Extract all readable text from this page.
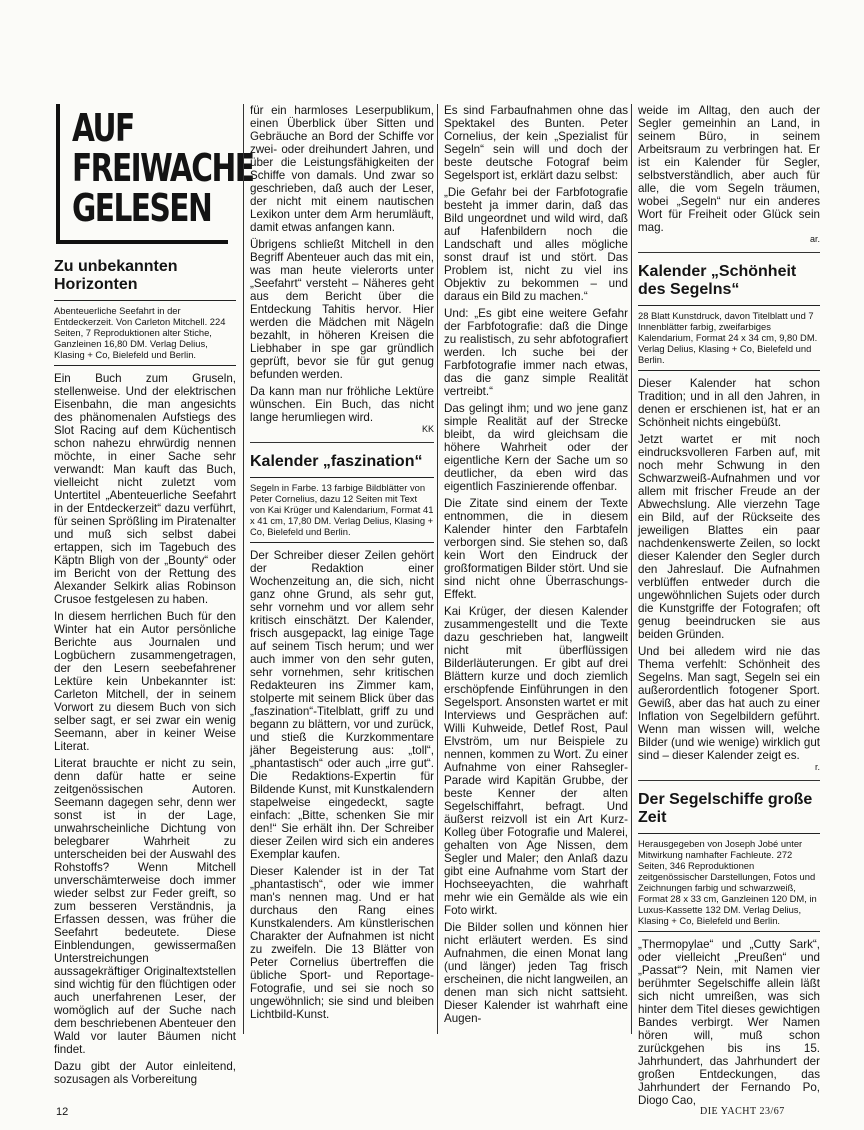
AUF
FREIWACHE
GELESEN
Zu unbekannten Horizonten
Abenteuerliche Seefahrt in der Entdeckerzeit. Von Carleton Mitchell. 224 Seiten, 7 Reproduktionen alter Stiche, Ganzleinen 16,80 DM. Verlag Delius, Klasing + Co, Bielefeld und Berlin.

Ein Buch zum Gruseln, stellenweise. Und der elektrischen Eisenbahn, die man angesichts des phänomenalen Aufstiegs des Slot Racing auf dem Küchentisch schon nahezu ehrwürdig nennen möchte, in einer Sache sehr verwandt: Man kauft das Buch, vielleicht nicht zuletzt vom Untertitel „Abenteuerliche Seefahrt in der Entdeckerzeit“ dazu verführt, für seinen Sprößling im Piratenalter und muß sich selbst dabei ertappen, sich im Tagebuch des Käptn Bligh von der „Bounty“ oder im Bericht von der Rettung des Alexander Selkirk alias Robinson Crusoe festgelesen zu haben.

In diesem herrlichen Buch für den Winter hat ein Autor persönliche Berichte aus Journalen und Logbüchern zusammengetragen, der den Lesern seebefahrener Lektüre kein Unbekannter ist: Carleton Mitchell, der in seinem Vorwort zu diesem Buch von sich selber sagt, er sei zwar ein wenig Seemann, aber in keiner Weise Literat.

Literat brauchte er nicht zu sein, denn dafür hatte er seine zeitgenössischen Autoren. Seemann dagegen sehr, denn wer sonst ist in der Lage, unwahrscheinliche Dichtung von belegbarer Wahrheit zu unterscheiden bei der Auswahl des Rohstoffs? Wenn Mitchell unverschämterweise doch immer wieder selbst zur Feder greift, so zum besseren Verständnis, ja Erfassen dessen, was früher die Seefahrt bedeutete. Diese Einblendungen, gewissermaßen Unterstreichungen aussagekräftiger Originaltextstellen sind wichtig für den flüchtigen oder auch unerfahrenen Leser, der womöglich auf der Suche nach dem beschriebenen Abenteuer den Wald vor lauter Bäumen nicht findet.

Dazu gibt der Autor einleitend, sozusagen als Vorbereitung

für ein harmloses Leserpublikum, einen Überblick über Sitten und Gebräuche an Bord der Schiffe vor zwei- oder dreihundert Jahren, und über die Leistungsfähigkeiten der Schiffe von damals. Und zwar so geschrieben, daß auch der Leser, der nicht mit einem nautischen Lexikon unter dem Arm herumläuft, damit etwas anfangen kann.

Übrigens schließt Mitchell in den Begriff Abenteuer auch das mit ein, was man heute vielerorts unter „Seefahrt“ versteht – Näheres geht aus dem Bericht über die Entdeckung Tahitis hervor. Hier werden die Mädchen mit Nägeln bezahlt, in höheren Kreisen die Liebhaber in spe gar gründlich geprüft, bevor sie für gut genug befunden werden.

Da kann man nur fröhliche Lektüre wünschen. Ein Buch, das nicht lange herumliegen wird.

KK
Kalender „faszination“
Segeln in Farbe. 13 farbige Bildblätter von Peter Cornelius, dazu 12 Seiten mit Text von Kai Krüger und Kalendarium, Format 41 x 41 cm, 17,80 DM. Verlag Delius, Klasing + Co, Bielefeld und Berlin.

Der Schreiber dieser Zeilen gehört der Redaktion einer Wochenzeitung an, die sich, nicht ganz ohne Grund, als sehr gut, sehr vornehm und vor allem sehr kritisch einschätzt. Der Kalender, frisch ausgepackt, lag einige Tage auf seinem Tisch herum; und wer auch immer von den sehr guten, sehr vornehmen, sehr kritischen Redakteuren ins Zimmer kam, stolperte mit seinem Blick über das „faszination“-Titelblatt, griff zu und begann zu blättern, vor und zurück, und stieß die Kurzkommentare jäher Begeisterung aus: „toll“, „phantastisch“ oder auch „irre gut“. Die Redaktions-Expertin für Bildende Kunst, mit Kunstkalendern stapelweise eingedeckt, sagte einfach: „Bitte, schenken Sie mir den!“ Sie erhält ihn. Der Schreiber dieser Zeilen wird sich ein anderes Exemplar kaufen.

Dieser Kalender ist in der Tat „phantastisch“, oder wie immer man's nennen mag. Und er hat durchaus den Rang eines Kunstkalenders. Am künstlerischen Charakter der Aufnahmen ist nicht zu zweifeln. Die 13 Blätter von Peter Cornelius übertreffen die übliche Sport- und Reportage-Fotografie, und sei sie noch so ungewöhnlich; sie sind und bleiben Lichtbild-Kunst.

Es sind Farbaufnahmen ohne das Spektakel des Bunten. Peter Cornelius, der kein „Spezialist für Segeln“ sein will und doch der beste deutsche Fotograf beim Segelsport ist, erklärt dazu selbst:

„Die Gefahr bei der Farbfotografie besteht ja immer darin, daß das Bild ungeordnet und wild wird, daß auf Hafenbildern noch die Landschaft und alles mögliche sonst drauf ist und stört. Das Problem ist, nicht zu viel ins Objektiv zu bekommen – und daraus ein Bild zu machen.“

Und: „Es gibt eine weitere Gefahr der Farbfotografie: daß die Dinge zu realistisch, zu sehr abfotografiert werden. Ich suche bei der Farbfotografie immer nach etwas, das die ganz simple Realität vertreibt.“

Das gelingt ihm; und wo jene ganz simple Realität auf der Strecke bleibt, da wird gleichsam die höhere Wahrheit oder der eigentliche Kern der Sache um so deutlicher, da eben wird das eigentlich Faszinierende offenbar.

Die Zitate sind einem der Texte entnommen, die in diesem Kalender hinter den Farbtafeln verborgen sind. Sie stehen so, daß kein Wort den Eindruck der großformatigen Bilder stört. Und sie sind nicht ohne Überraschungs-Effekt.

Kai Krüger, der diesen Kalender zusammengestellt und die Texte dazu geschrieben hat, langweilt nicht mit überflüssigen Bilderläuterungen. Er gibt auf drei Blättern kurze und doch ziemlich erschöpfende Einführungen in den Segelsport. Ansonsten wartet er mit Interviews und Gesprächen auf: Willi Kuhweide, Detlef Rost, Paul Elvström, um nur Beispiele zu nennen, kommen zu Wort. Zu einer Aufnahme von einer Rahsegler-Parade wird Kapitän Grubbe, der beste Kenner der alten Segelschiffahrt, befragt. Und äußerst reizvoll ist ein Art Kurz-Kolleg über Fotografie und Malerei, gehalten von Age Nissen, dem Segler und Maler; den Anlaß dazu gibt eine Aufnahme vom Start der Hochseeyachten, die wahrhaft mehr wie ein Gemälde als wie ein Foto wirkt.

Die Bilder sollen und können hier nicht erläutert werden. Es sind Aufnahmen, die einen Monat lang (und länger) jeden Tag frisch erscheinen, die nicht langweilen, an denen man sich nicht sattsieht. Dieser Kalender ist wahrhaft eine Augen-

weide im Alltag, den auch der Segler gemeinhin an Land, in seinem Büro, in seinem Arbeitsraum zu verbringen hat. Er ist ein Kalender für Segler, selbstverständlich, aber auch für alle, die vom Segeln träumen, wobei „Segeln“ nur ein anderes Wort für Freiheit oder Glück sein mag.

ar.
Kalender „Schönheit des Segelns“
28 Blatt Kunstdruck, davon Titelblatt und 7 Innenblätter farbig, zweifarbiges Kalendarium, Format 24 x 34 cm, 9,80 DM. Verlag Delius, Klasing + Co, Bielefeld und Berlin.

Dieser Kalender hat schon Tradition; und in all den Jahren, in denen er erschienen ist, hat er an Schönheit nichts eingebüßt.

Jetzt wartet er mit noch eindrucksvolleren Farben auf, mit noch mehr Schwung in den Schwarzweiß-Aufnahmen und vor allem mit frischer Freude an der Abwechslung. Alle vierzehn Tage ein Bild, auf der Rückseite des jeweiligen Blattes ein paar nachdenkenswerte Zeilen, so lockt dieser Kalender den Segler durch den Jahreslauf. Die Aufnahmen verblüffen entweder durch die ungewöhnlichen Sujets oder durch die Kunstgriffe der Fotografen; oft genug beeindrucken sie aus beiden Gründen.

Und bei alledem wird nie das Thema verfehlt: Schönheit des Segelns. Man sagt, Segeln sei ein außerordentlich fotogener Sport. Gewiß, aber das hat auch zu einer Inflation von Segelbildern geführt. Wenn man wissen will, welche Bilder (und wie wenige) wirklich gut sind – dieser Kalender zeigt es.

r.
Der Segelschiffe große Zeit
Herausgegeben von Joseph Jobé unter Mitwirkung namhafter Fachleute. 272 Seiten, 346 Reproduktionen zeitgenössischer Darstellungen, Fotos und Zeichnungen farbig und schwarzweiß, Format 28 x 33 cm, Ganzleinen 120 DM, in Luxus-Kassette 132 DM. Verlag Delius, Klasing + Co, Bielefeld und Berlin.

„Thermopylae“ und „Cutty Sark“, oder vielleicht „Preußen“ und „Passat“? Nein, mit Namen vier berühmter Segelschiffe allein läßt sich nicht umreißen, was sich hinter dem Titel dieses gewichtigen Bandes verbirgt. Wer Namen hören will, muß schon zurückgehen bis ins 15. Jahrhundert, das Jahrhundert der großen Entdeckungen, das Jahrhundert der Fernando Po, Diogo Cao,

12	DIE YACHT 23/67
